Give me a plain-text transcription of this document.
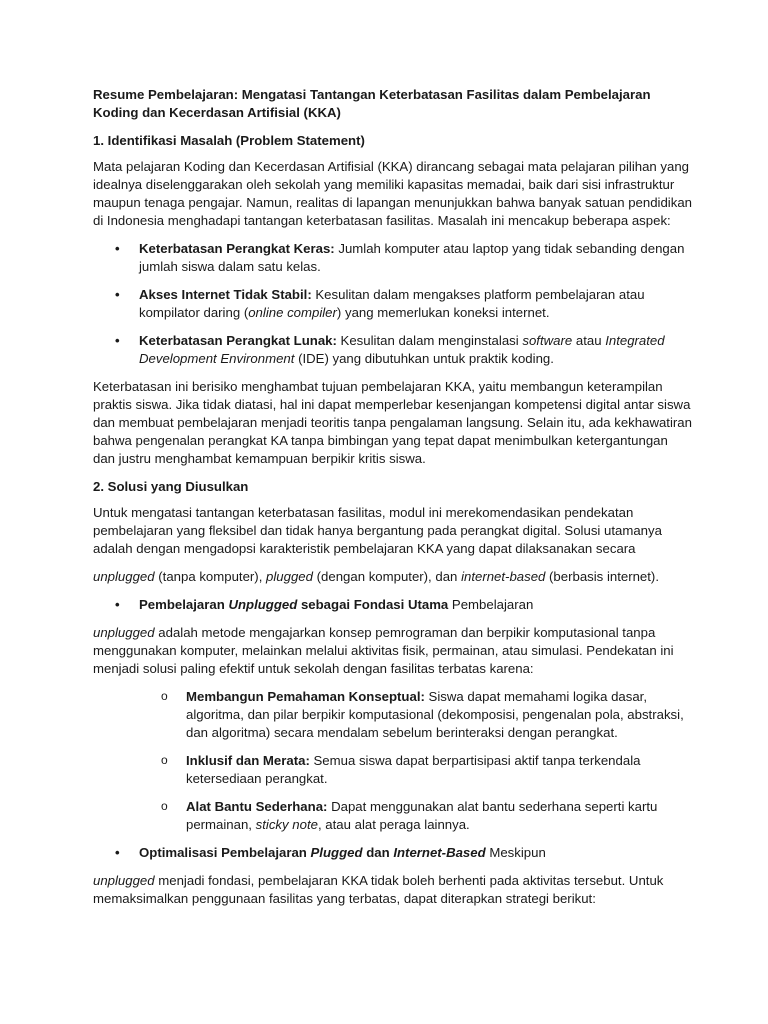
Resume Pembelajaran: Mengatasi Tantangan Keterbatasan Fasilitas dalam Pembelajaran Koding dan Kecerdasan Artifisial (KKA)

1. Identifikasi Masalah (Problem Statement)

Mata pelajaran Koding dan Kecerdasan Artifisial (KKA) dirancang sebagai mata pelajaran pilihan yang idealnya diselenggarakan oleh sekolah yang memiliki kapasitas memadai, baik dari sisi infrastruktur maupun tenaga pengajar. Namun, realitas di lapangan menunjukkan bahwa banyak satuan pendidikan di Indonesia menghadapi tantangan keterbatasan fasilitas. Masalah ini mencakup beberapa aspek:

• Keterbatasan Perangkat Keras: Jumlah komputer atau laptop yang tidak sebanding dengan jumlah siswa dalam satu kelas.
• Akses Internet Tidak Stabil: Kesulitan dalam mengakses platform pembelajaran atau kompilator daring (online compiler) yang memerlukan koneksi internet.
• Keterbatasan Perangkat Lunak: Kesulitan dalam menginstalasi software atau Integrated Development Environment (IDE) yang dibutuhkan untuk praktik koding.

Keterbatasan ini berisiko menghambat tujuan pembelajaran KKA, yaitu membangun keterampilan praktis siswa. Jika tidak diatasi, hal ini dapat memperlebar kesenjangan kompetensi digital antar siswa dan membuat pembelajaran menjadi teoritis tanpa pengalaman langsung. Selain itu, ada kekhawatiran bahwa pengenalan perangkat KA tanpa bimbingan yang tepat dapat menimbulkan ketergantungan dan justru menghambat kemampuan berpikir kritis siswa.

2. Solusi yang Diusulkan

Untuk mengatasi tantangan keterbatasan fasilitas, modul ini merekomendasikan pendekatan pembelajaran yang fleksibel dan tidak hanya bergantung pada perangkat digital. Solusi utamanya adalah dengan mengadopsi karakteristik pembelajaran KKA yang dapat dilaksanakan secara

unplugged (tanpa komputer), plugged (dengan komputer), dan internet-based (berbasis internet).

• Pembelajaran Unplugged sebagai Fondasi Utama Pembelajaran

unplugged adalah metode mengajarkan konsep pemrograman dan berpikir komputasional tanpa menggunakan komputer, melainkan melalui aktivitas fisik, permainan, atau simulasi. Pendekatan ini menjadi solusi paling efektif untuk sekolah dengan fasilitas terbatas karena:

o Membangun Pemahaman Konseptual: Siswa dapat memahami logika dasar, algoritma, dan pilar berpikir komputasional (dekomposisi, pengenalan pola, abstraksi, dan algoritma) secara mendalam sebelum berinteraksi dengan perangkat.
o Inklusif dan Merata: Semua siswa dapat berpartisipasi aktif tanpa terkendala ketersediaan perangkat.
o Alat Bantu Sederhana: Dapat menggunakan alat bantu sederhana seperti kartu permainan, sticky note, atau alat peraga lainnya.
• Optimalisasi Pembelajaran Plugged dan Internet-Based Meskipun

unplugged menjadi fondasi, pembelajaran KKA tidak boleh berhenti pada aktivitas tersebut. Untuk memaksimalkan penggunaan fasilitas yang terbatas, dapat diterapkan strategi berikut:
